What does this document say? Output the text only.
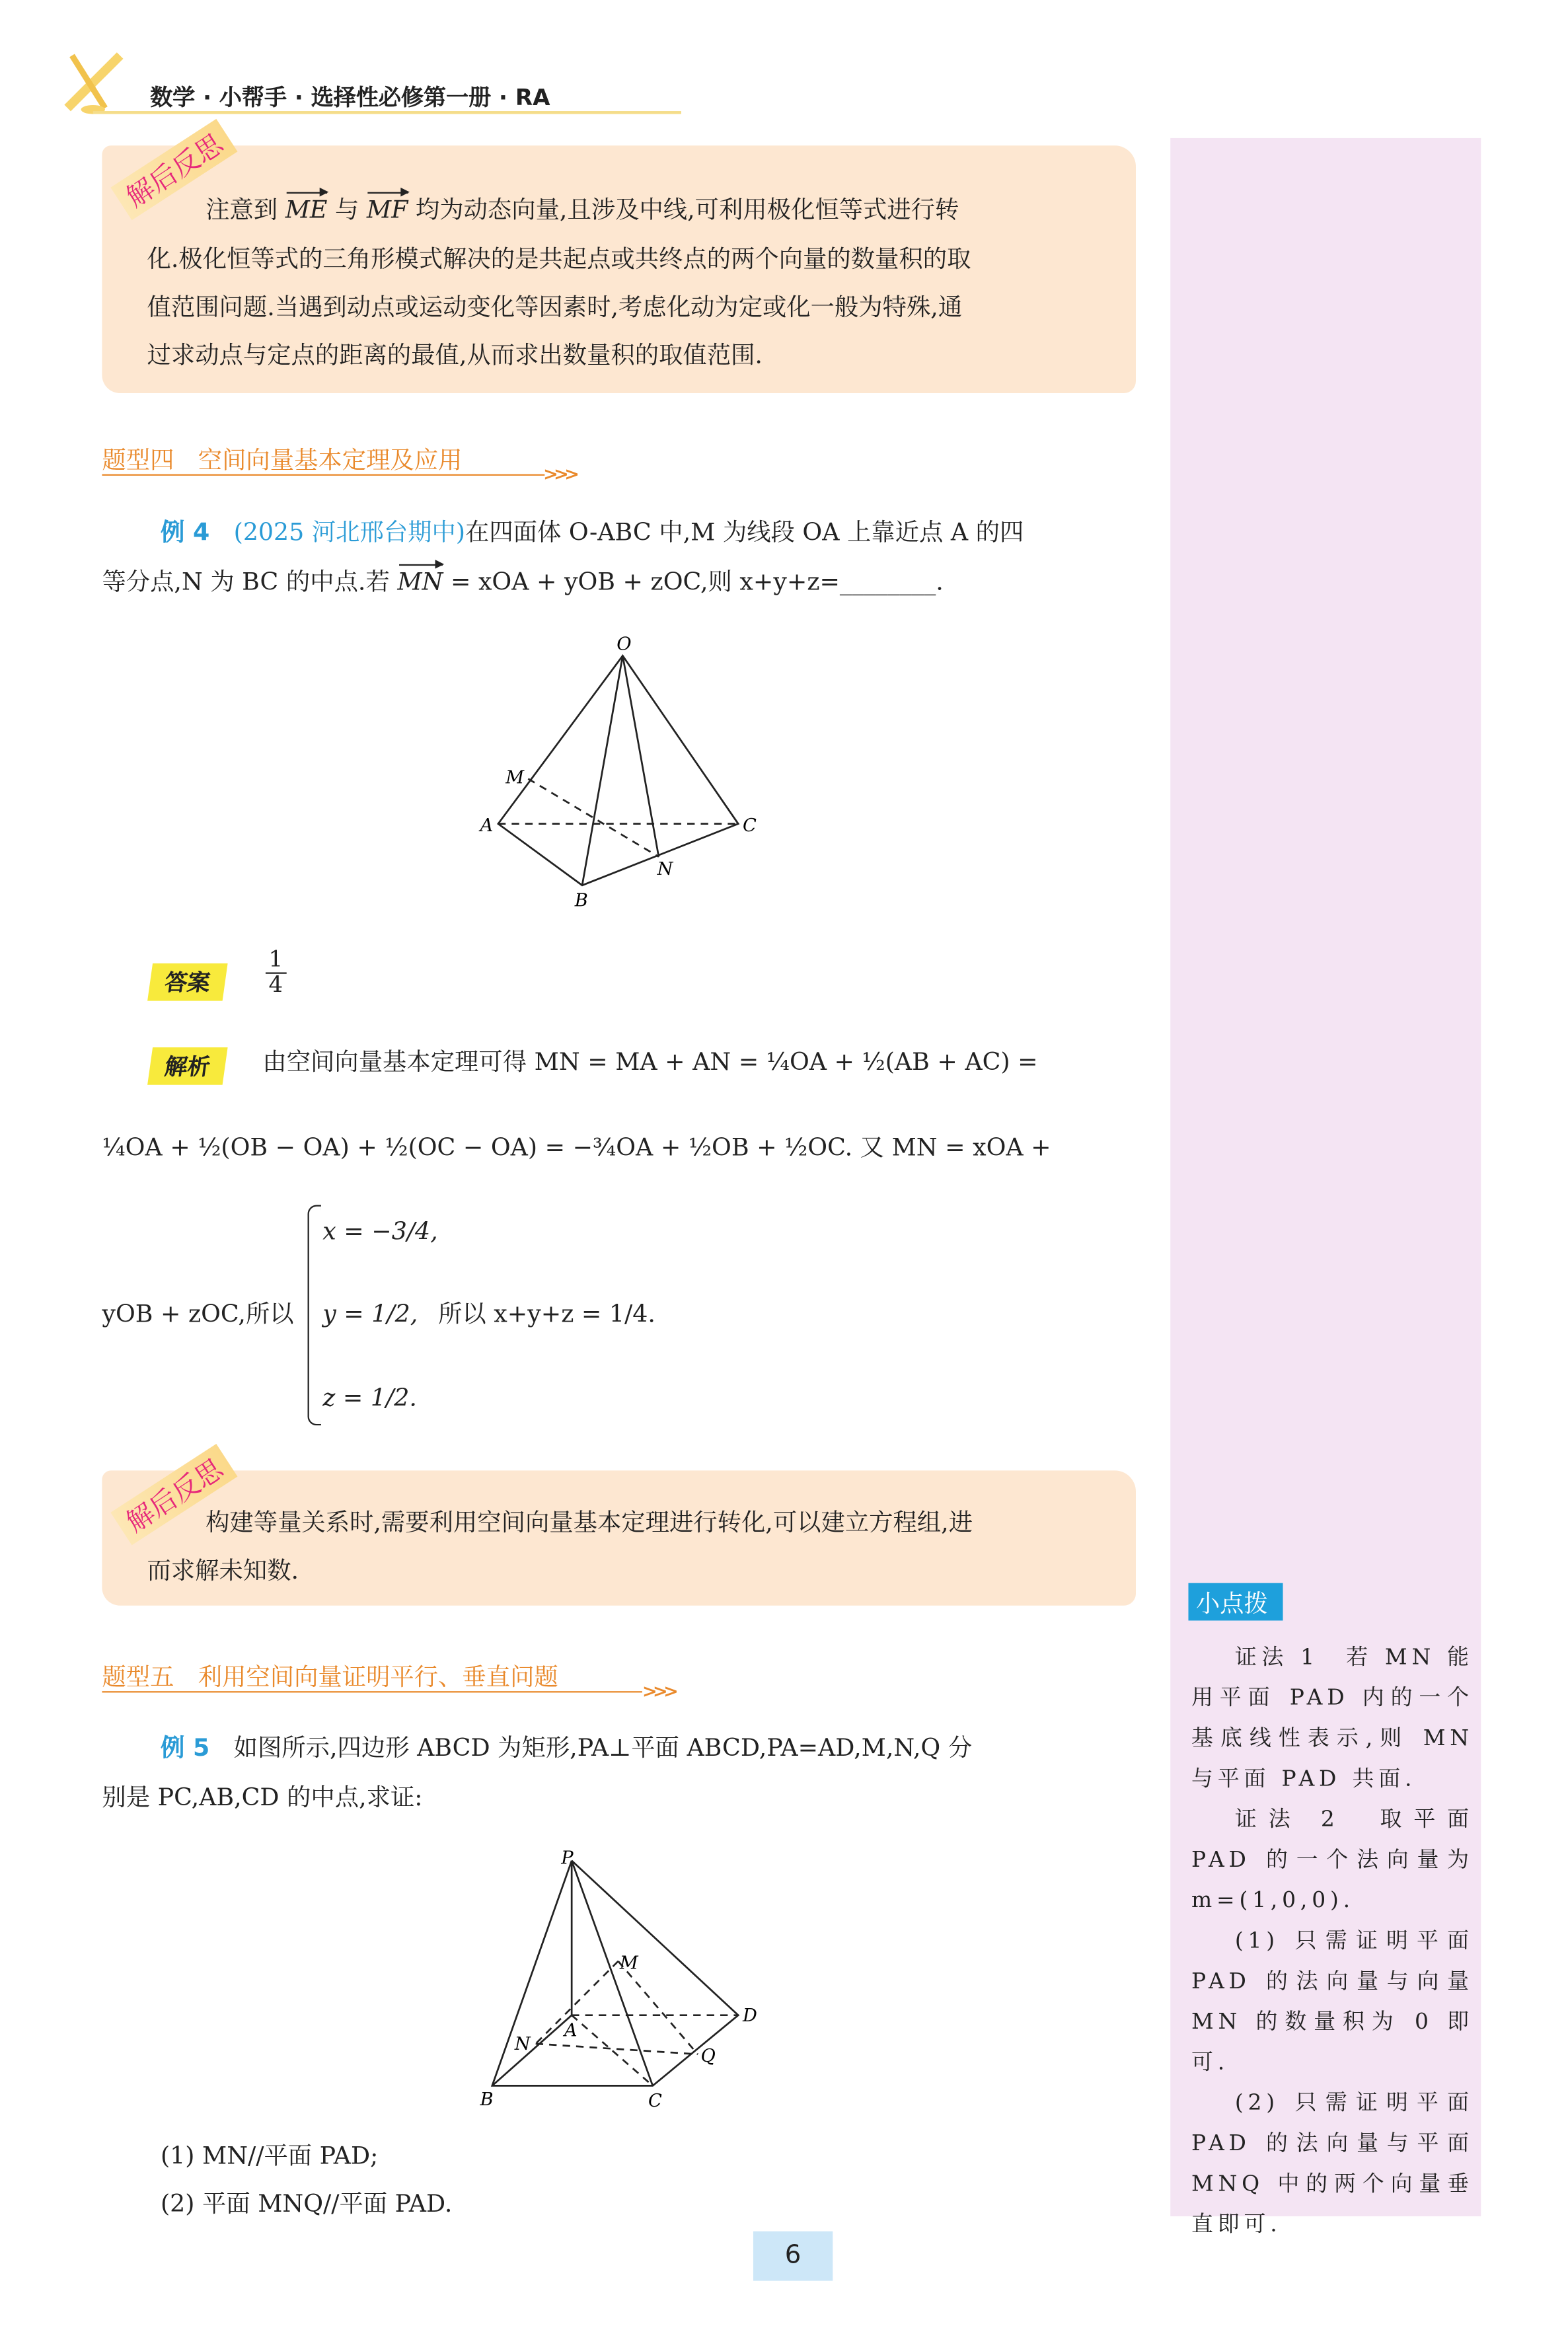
数学 · 小帮手 · 选择性必修第一册 · RA
解后反思
注意到 ME 与 MF 均为动态向量,且涉及中线,可利用极化恒等式进行转
化.极化恒等式的三角形模式解决的是共起点或共终点的两个向量的数量积的取
值范围问题.当遇到动点或运动变化等因素时,考虑化动为定或化一般为特殊,通
过求动点与定点的距离的最值,从而求出数量积的取值范围.
题型四　空间向量基本定理及应用
>>>
例 4　 (2025 河北邢台期中)在四面体 O-ABC 中,M 为线段 OA 上靠近点 A 的四
等分点,N 为 BC 的中点.若 MN = xOA + yOB + zOC,则 x+y+z=________.
O
A	C
B
M
N
P
A
D
B	C
M
N
Q
答案	$\frac{1}{4}$
解析	由空间向量基本定理可得 MN = MA + AN = ¼OA + ½(AB + AC) =
¼OA + ½(OB − OA) + ½(OC − OA) = −¾OA + ½OB + ½OC. 又 MN = xOA +
yOB + zOC,所以
x = −3/4,
y = 1/2,
z = 1/2.
所以 x+y+z = 1/4.
解后反思
构建等量关系时,需要利用空间向量基本定理进行转化,可以建立方程组,进
而求解未知数.
题型五　利用空间向量证明平行、垂直问题
>>>
例 5　 如图所示,四边形 ABCD 为矩形,PA⊥平面 ABCD,PA=AD,M,N,Q 分
别是 PC,AB,CD 的中点,求证:
(1) MN//平面 PAD;
(2) 平面 MNQ//平面 PAD.
小点拨
证法 1　若 MN 能用平面 PAD 内的一个基底线性表示,则 MN 与平面 PAD 共面.
证法 2　取平面 PAD 的一个法向量为 m=(1,0,0).
(1) 只需证明平面 PAD 的法向量与向量 MN 的数量积为 0 即可.
(2) 只需证明平面 PAD 的法向量与平面 MNQ 中的两个向量垂直即可.
6
